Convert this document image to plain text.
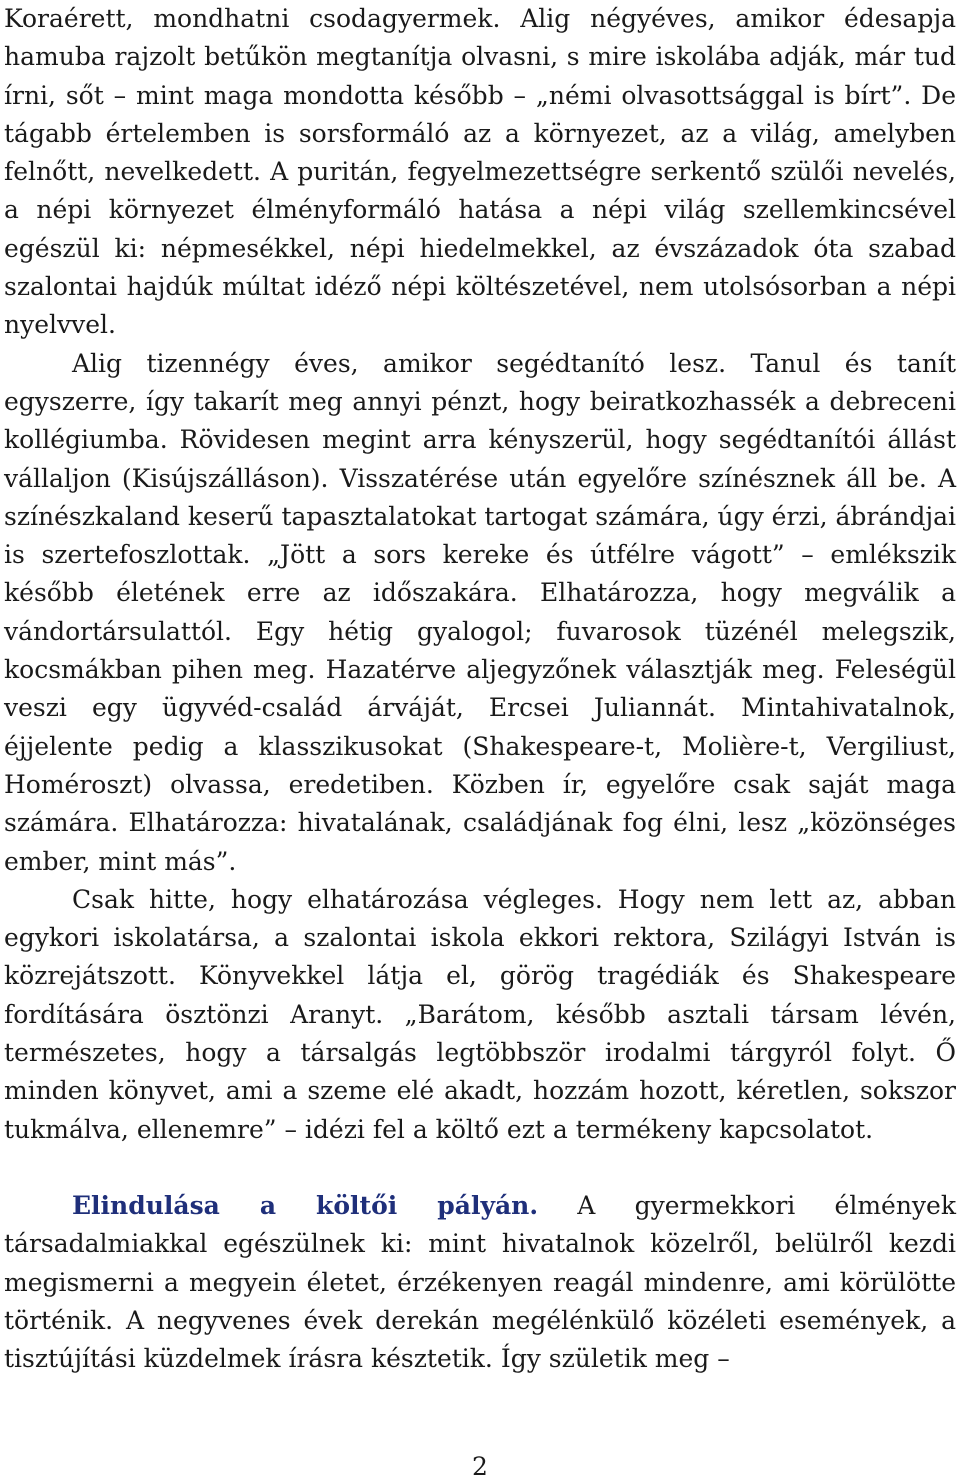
Koraérett, mondhatni csodagyermek. Alig négyéves, amikor édesapja hamuba rajzolt betűkön megtanítja olvasni, s mire iskolába adják, már tud írni, sőt – mint maga mondotta később – „némi olvasottsággal is bírt”. De tágabb értelemben is sorsformáló az a környezet, az a világ, amelyben felnőtt, nevelkedett. A puritán, fegyelmezettségre serkentő szülői nevelés, a népi környezet élményformáló hatása a népi világ szellemkincsével egészül ki: népmesékkel, népi hiedelmekkel, az évszázadok óta szabad szalontai hajdúk múltat idéző népi költészetével, nem utolsósorban a népi nyelvvel.

Alig tizennégy éves, amikor segédtanító lesz. Tanul és tanít egyszerre, így takarít meg annyi pénzt, hogy beiratkozhassék a debreceni kollégiumba. Rövidesen megint arra kényszerül, hogy segédtanítói állást vállaljon (Kisújszálláson). Visszatérése után egyelőre színésznek áll be. A színészkaland keserű tapasztalatokat tartogat számára, úgy érzi, ábrándjai is szertefoszlottak. „Jött a sors kereke és útfélre vágott” – emlékszik később életének erre az időszakára. Elhatározza, hogy megválik a vándortársulattól. Egy hétig gyalogol; fuvarosok tüzénél melegszik, kocsmákban pihen meg. Hazatérve aljegyzőnek választják meg. Feleségül veszi egy ügyvéd-család árváját, Ercsei Juliannát. Mintahivatalnok, éjjelente pedig a klasszikusokat (Shakespeare-t, Molière-t, Vergiliust, Homéroszt) olvassa, eredetiben. Közben ír, egyelőre csak saját maga számára. Elhatározza: hivatalának, családjának fog élni, lesz „közönséges ember, mint más”.

Csak hitte, hogy elhatározása végleges. Hogy nem lett az, abban egykori iskolatársa, a szalontai iskola ekkori rektora, Szilágyi István is közrejátszott. Könyvekkel látja el, görög tragédiák és Shakespeare fordítására ösztönzi Aranyt. „Barátom, később asztali társam lévén, természetes, hogy a társalgás legtöbbször irodalmi tárgyról folyt. Ő minden könyvet, ami a szeme elé akadt, hozzám hozott, kéretlen, sokszor tukmálva, ellenemre” – idézi fel a költő ezt a termékeny kapcsolatot.

Elindulása a költői pályán. A gyermekkori élmények társadalmiakkal egészülnek ki: mint hivatalnok közelről, belülről kezdi megismerni a megyein életet, érzékenyen reagál mindenre, ami körülötte történik. A negyvenes évek derekán megélénkülő közéleti események, a tisztújítási küzdelmek írásra késztetik. Így születik meg –

2
